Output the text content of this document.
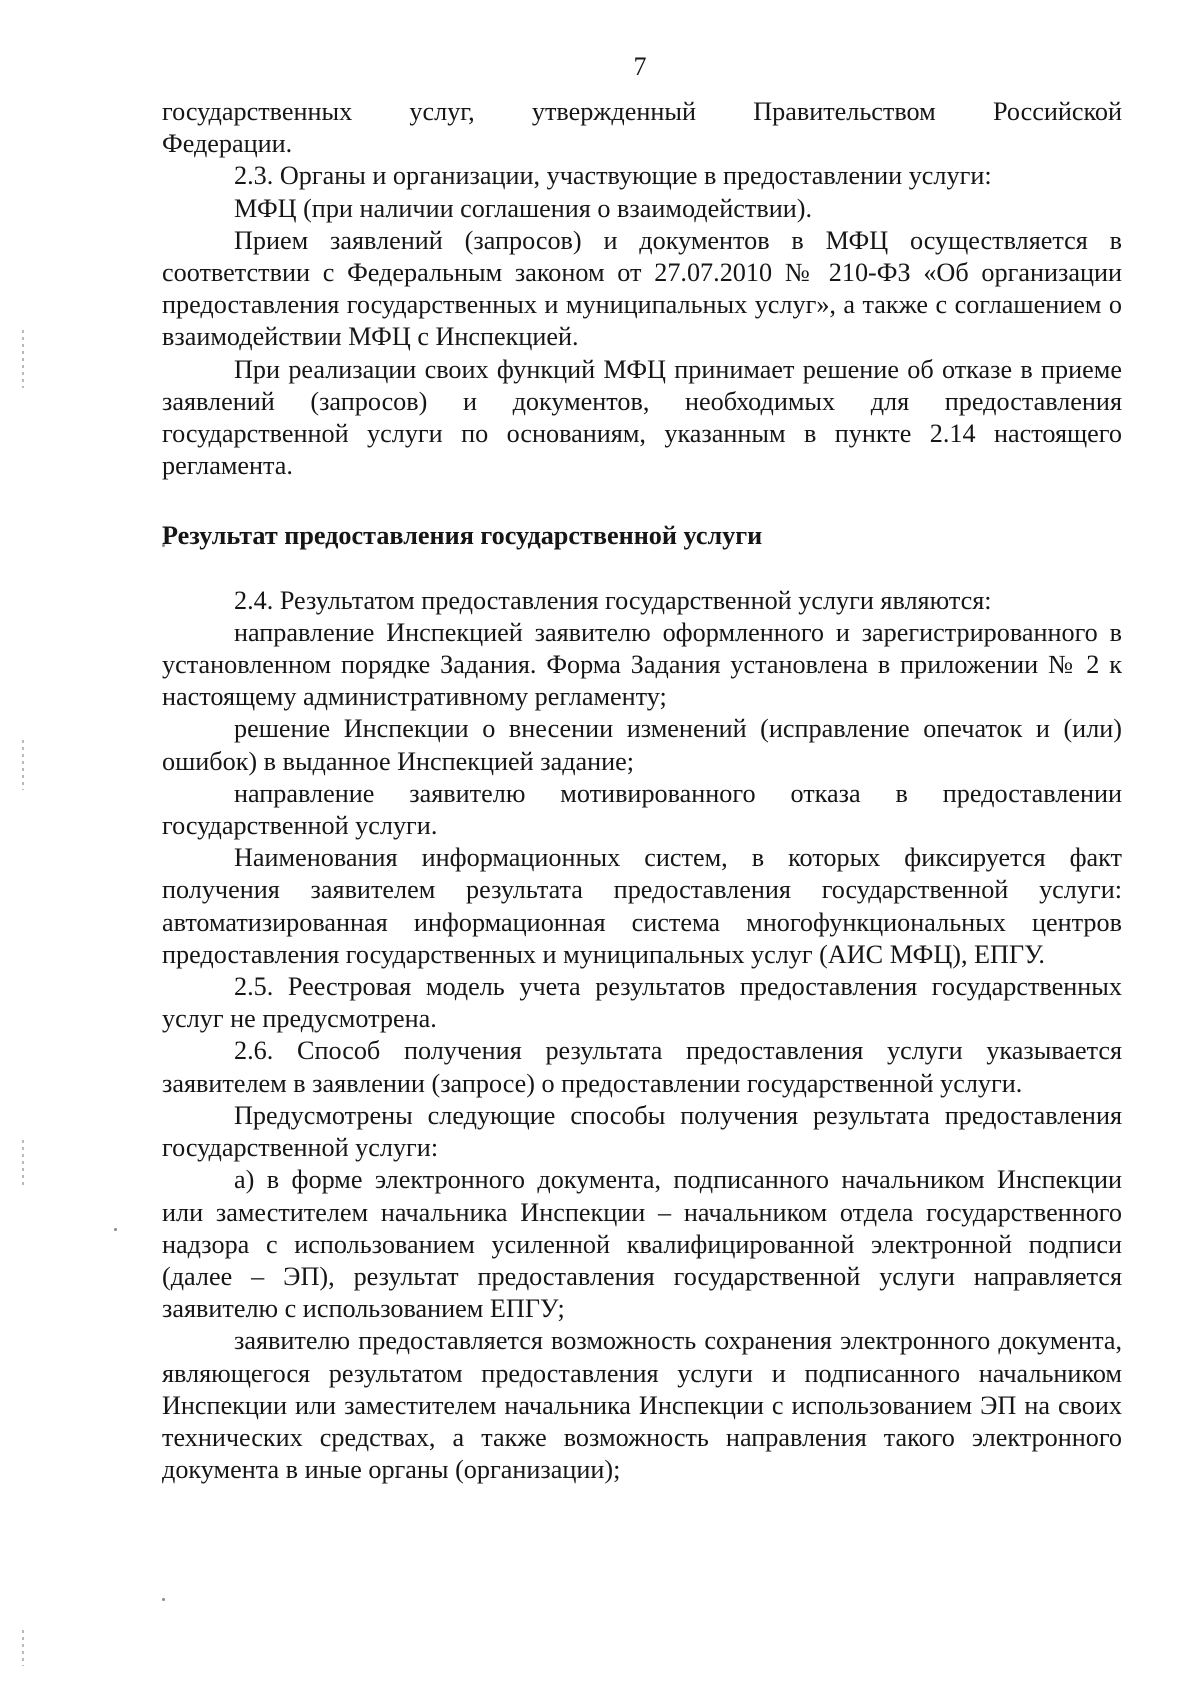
7

государственных услуг, утвержденный Правительством Российской

Федерации.

2.3. Органы и организации, участвующие в предоставлении услуги:

МФЦ (при наличии соглашения о взаимодействии).

Прием заявлений (запросов) и документов в МФЦ осуществляется в соответствии с Федеральным законом от 27.07.2010 № 210-ФЗ «Об организации предоставления государственных и муниципальных услуг», а также с соглашением о взаимодействии МФЦ с Инспекцией.

При реализации своих функций МФЦ принимает решение об отказе в приеме заявлений (запросов) и документов, необходимых для предоставления государственной услуги по основаниям, указанным в пункте 2.14 настоящего регламента.

Результат предоставления государственной услуги

2.4. Результатом предоставления государственной услуги являются:

направление Инспекцией заявителю оформленного и зарегистрированного в установленном порядке Задания. Форма Задания установлена в приложении № 2 к настоящему административному регламенту;

решение Инспекции о внесении изменений (исправление опечаток и (или) ошибок) в выданное Инспекцией задание;

направление заявителю мотивированного отказа в предоставлении государственной услуги.

Наименования информационных систем, в которых фиксируется факт получения заявителем результата предоставления государственной услуги: автоматизированная информационная система многофункциональных центров предоставления государственных и муниципальных услуг (АИС МФЦ), ЕПГУ.

2.5. Реестровая модель учета результатов предоставления государственных услуг не предусмотрена.

2.6. Способ получения результата предоставления услуги указывается заявителем в заявлении (запросе) о предоставлении государственной услуги.

Предусмотрены следующие способы получения результата предоставления государственной услуги:

а) в форме электронного документа, подписанного начальником Инспекции или заместителем начальника Инспекции – начальником отдела государственного надзора с использованием усиленной квалифицированной электронной подписи (далее – ЭП), результат предоставления государственной услуги направляется заявителю с использованием ЕПГУ;

заявителю предоставляется возможность сохранения электронного документа, являющегося результатом предоставления услуги и подписанного начальником Инспекции или заместителем начальника Инспекции с использованием ЭП на своих технических средствах, а также возможность направления такого электронного документа в иные органы (организации);
